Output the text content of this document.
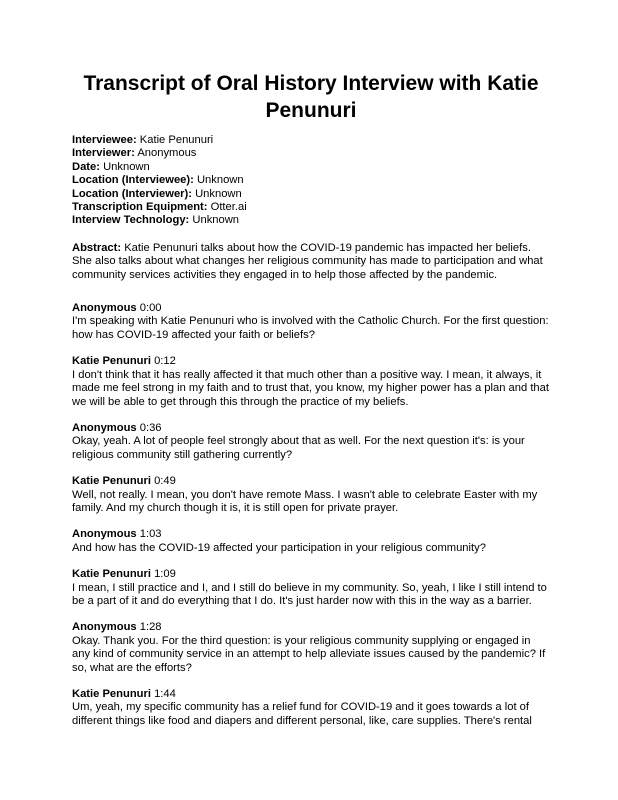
Transcript of Oral History Interview with Katie Penunuri
Interviewee: Katie Penunuri
Interviewer: Anonymous
Date: Unknown
Location (Interviewee): Unknown
Location (Interviewer): Unknown
Transcription Equipment: Otter.ai
Interview Technology: Unknown

Abstract: Katie Penunuri talks about how the COVID-19 pandemic has impacted her beliefs. She also talks about what changes her religious community has made to participation and what community services activities they engaged in to help those affected by the pandemic.

Anonymous 0:00
I'm speaking with Katie Penunuri who is involved with the Catholic Church. For the first question: how has COVID-19 affected your faith or beliefs?
Katie Penunuri 0:12
I don't think that it has really affected it that much other than a positive way. I mean, it always, it made me feel strong in my faith and to trust that, you know, my higher power has a plan and that we will be able to get through this through the practice of my beliefs.
Anonymous 0:36
Okay, yeah. A lot of people feel strongly about that as well. For the next question it's: is your religious community still gathering currently?
Katie Penunuri 0:49
Well, not really. I mean, you don't have remote Mass. I wasn't able to celebrate Easter with my family. And my church though it is, it is still open for private prayer.
Anonymous 1:03
And how has the COVID-19 affected your participation in your religious community?
Katie Penunuri 1:09
I mean, I still practice and I, and I still do believe in my community. So, yeah, I like I still intend to be a part of it and do everything that I do. It's just harder now with this in the way as a barrier.
Anonymous 1:28
Okay. Thank you. For the third question: is your religious community supplying or engaged in any kind of community service in an attempt to help alleviate issues caused by the pandemic? If so, what are the efforts?
Katie Penunuri 1:44
Um, yeah, my specific community has a relief fund for COVID-19 and it goes towards a lot of different things like food and diapers and different personal, like, care supplies. There's rental
